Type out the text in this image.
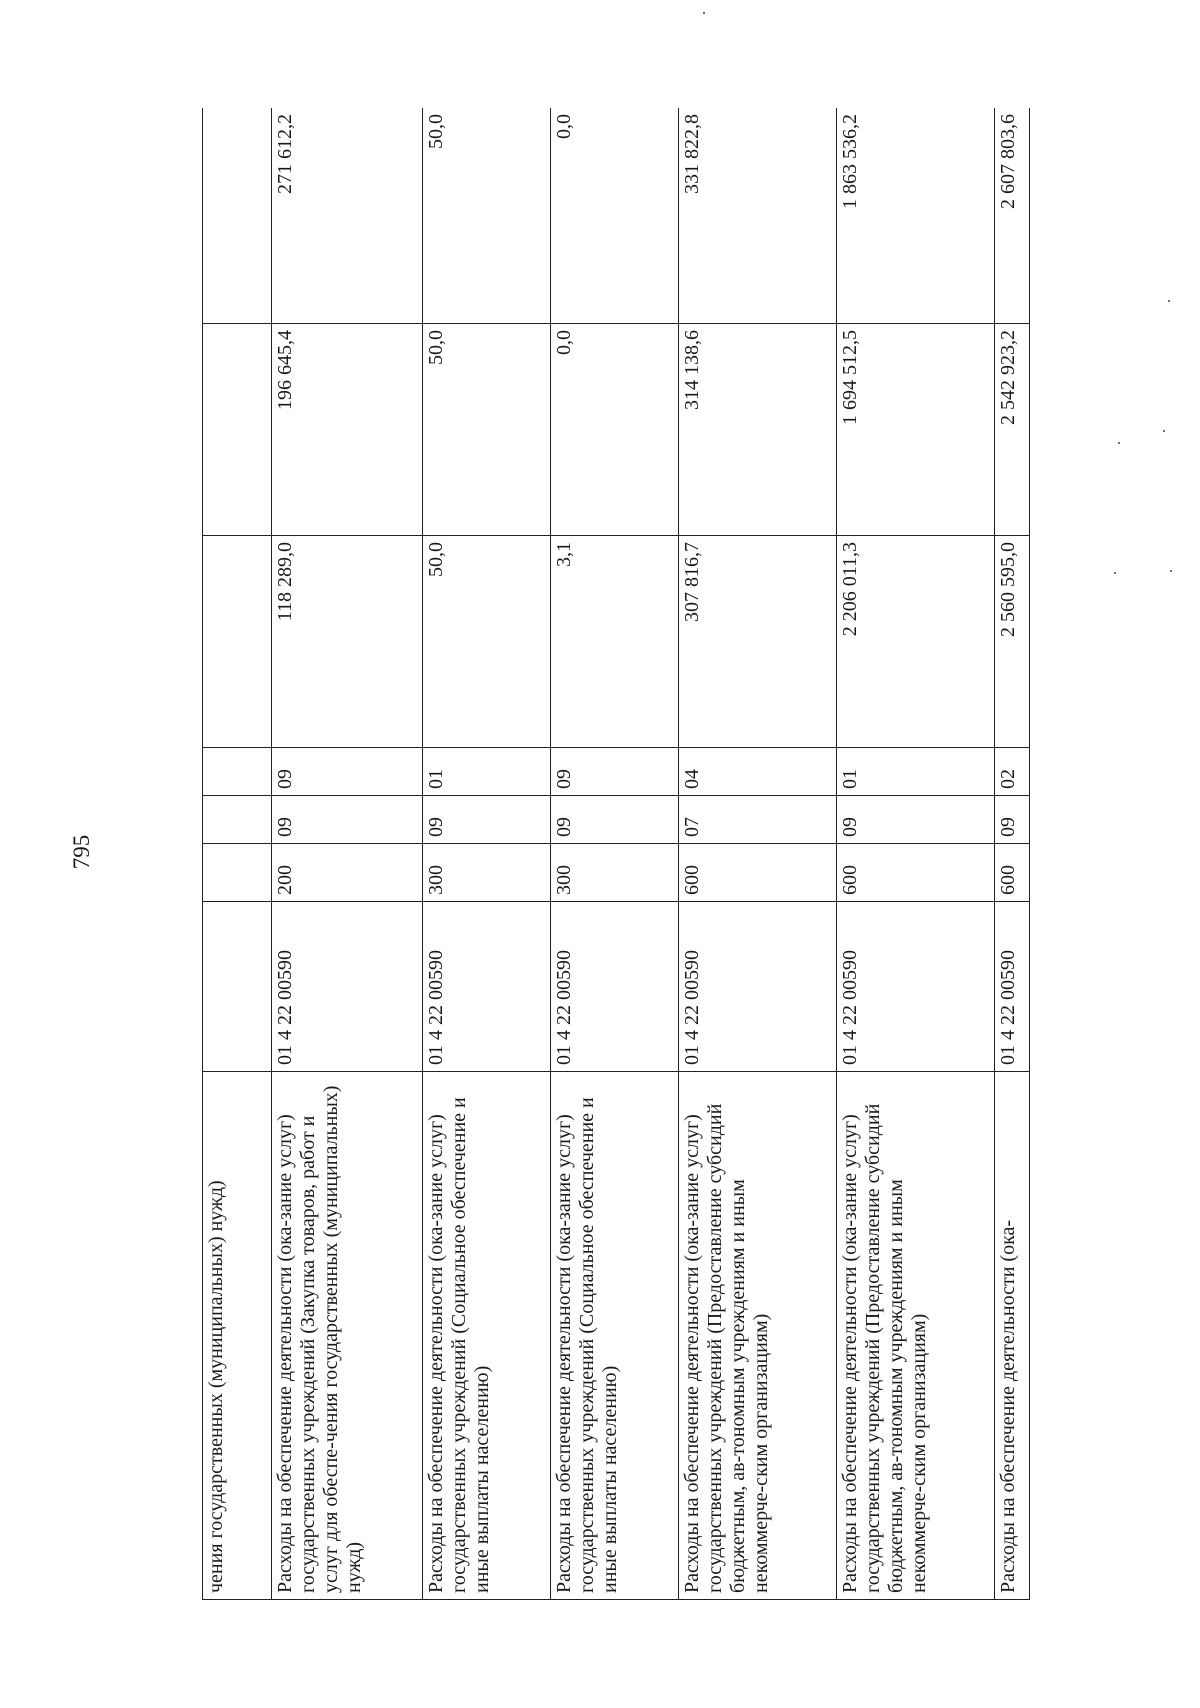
795
чения государственных (муниципальных) нужд)							
Расходы на обеспечение деятельности (ока-зание услуг) государственных учреждений (Закупка товаров, работ и услуг для обеспе-чения государственных (муниципальных) нужд)	01 4 22 00590	200	09	09	118 289,0	196 645,4	271 612,2
Расходы на обеспечение деятельности (ока-зание услуг) государственных учреждений (Социальное обеспечение и иные выплаты населению)	01 4 22 00590	300	09	01	50,0	50,0	50,0
Расходы на обеспечение деятельности (ока-зание услуг) государственных учреждений (Социальное обеспечение и иные выплаты населению)	01 4 22 00590	300	09	09	3,1	0,0	0,0
Расходы на обеспечение деятельности (ока-зание услуг) государственных учреждений (Предоставление субсидий бюджетным, ав-тономным учреждениям и иным некоммерче-ским организациям)	01 4 22 00590	600	07	04	307 816,7	314 138,6	331 822,8
Расходы на обеспечение деятельности (ока-зание услуг) государственных учреждений (Предоставление субсидий бюджетным, ав-тономным учреждениям и иным некоммерче-ским организациям)	01 4 22 00590	600	09	01	2 206 011,3	1 694 512,5	1 863 536,2
Расходы на обеспечение деятельности (ока-	01 4 22 00590	600	09	02	2 560 595,0	2 542 923,2	2 607 803,6
